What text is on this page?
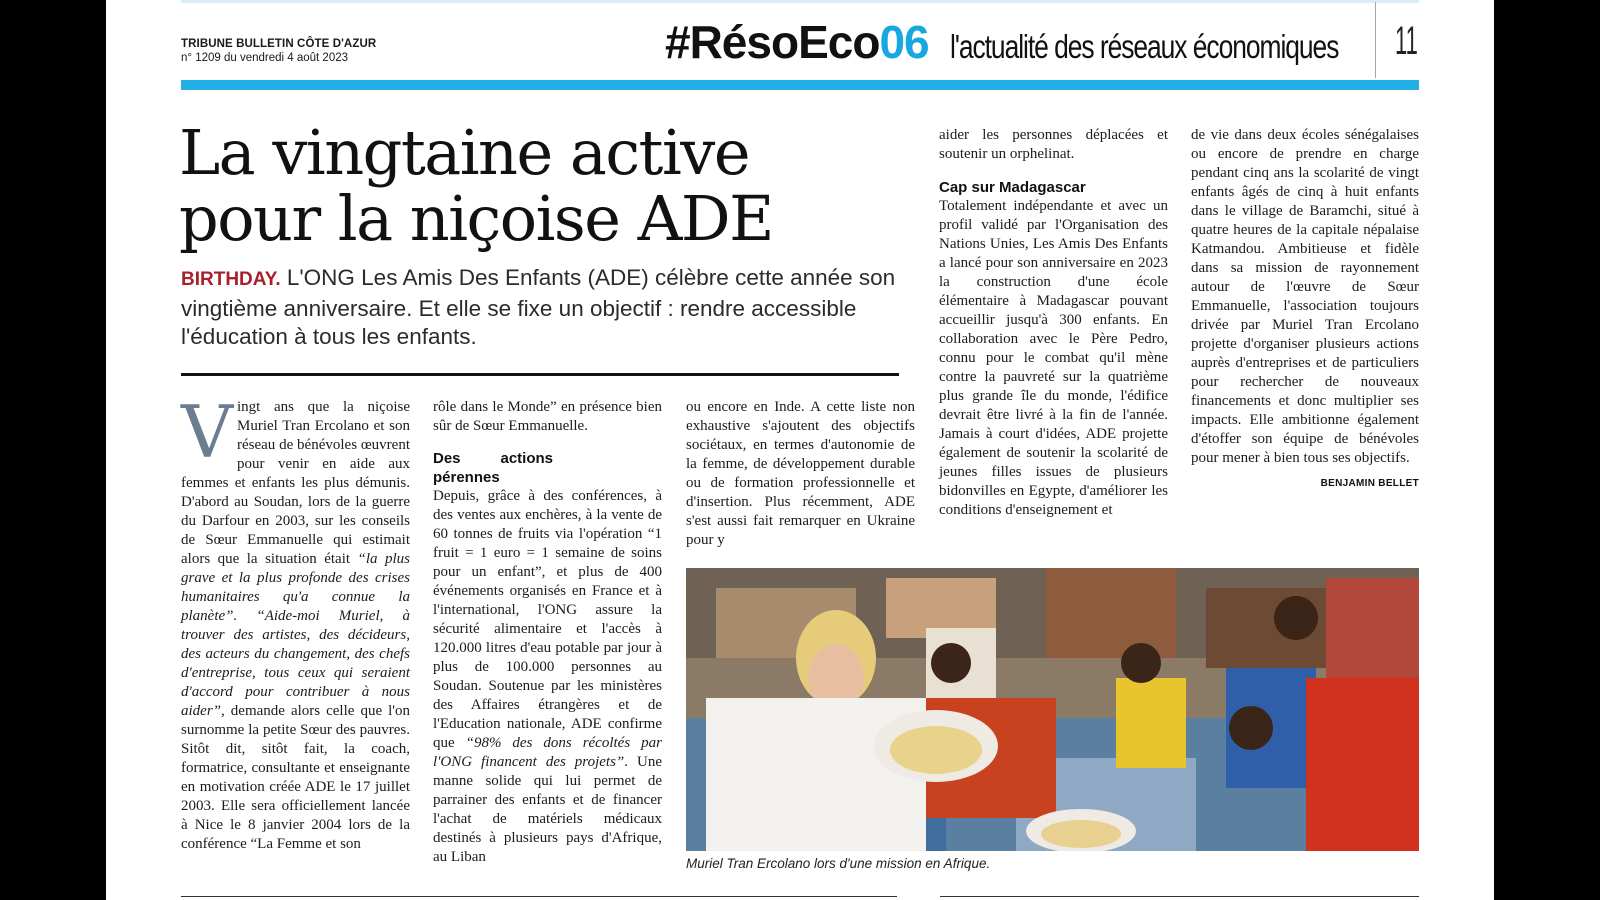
TRIBUNE BULLETIN CÔTE D'AZUR
n° 1209 du vendredi 4 août 2023	#RésoEco06 l'actualité des réseaux économiques 11
La vingtaine active
pour la niçoise ADE

BIRTHDAY. L'ONG Les Amis Des Enfants (ADE) célèbre cette année son vingtième anniversaire. Et elle se fixe un objectif : rendre accessible l'éducation à tous les enfants.

Vingt ans que la niçoise Muriel Tran Ercolano et son réseau de bénévoles œuvrent pour venir en aide aux femmes et enfants les plus démunis. D'abord au Soudan, lors de la guerre du Darfour en 2003, sur les conseils de Sœur Emmanuelle qui estimait alors que la situation était “la plus grave et la plus profonde des crises humanitaires qu'a connue la planète”. “Aide-moi Muriel, à trouver des artistes, des décideurs, des acteurs du changement, des chefs d'entreprise, tous ceux qui seraient d'accord pour contribuer à nous aider”, demande alors celle que l'on surnomme la petite Sœur des pauvres. Sitôt dit, sitôt fait, la coach, formatrice, consultante et enseignante en motivation créée ADE le 17 juillet 2003. Elle sera officiellement lancée à Nice le 8 janvier 2004 lors de la conférence “La Femme et son

rôle dans le Monde” en présence bien sûr de Sœur Emmanuelle.

Des actions pérennes

Depuis, grâce à des conférences, à des ventes aux enchères, à la vente de 60 tonnes de fruits via l'opération “1 fruit = 1 euro = 1 semaine de soins pour un enfant”, et plus de 400 événements organisés en France et à l'international, l'ONG assure la sécurité alimentaire et l'accès à 120.000 litres d'eau potable par jour à plus de 100.000 personnes au Soudan. Soutenue par les ministères des Affaires étrangères et de l'Education nationale, ADE confirme que “98% des dons récoltés par l'ONG financent des projets”. Une manne solide qui lui permet de parrainer des enfants et de financer l'achat de matériels médicaux destinés à plusieurs pays d'Afrique, au Liban

ou encore en Inde. A cette liste non exhaustive s'ajoutent des objectifs sociétaux, en termes d'autonomie de la femme, de développement durable ou de formation professionnelle et d'insertion. Plus récemment, ADE s'est aussi fait remarquer en Ukraine pour y

aider les personnes déplacées et soutenir un orphelinat.

Cap sur Madagascar

Totalement indépendante et avec un profil validé par l'Organisation des Nations Unies, Les Amis Des Enfants a lancé pour son anniversaire en 2023 la construction d'une école élémentaire à Madagascar pouvant accueillir jusqu'à 300 enfants. En collaboration avec le Père Pedro, connu pour le combat qu'il mène contre la pauvreté sur la quatrième plus grande île du monde, l'édifice devrait être livré à la fin de l'année. Jamais à court d'idées, ADE projette également de soutenir la scolarité de jeunes filles issues de plusieurs bidonvilles en Egypte, d'améliorer les conditions d'enseignement et

de vie dans deux écoles sénégalaises ou encore de prendre en charge pendant cinq ans la scolarité de vingt enfants âgés de cinq à huit enfants dans le village de Baramchi, situé à quatre heures de la capitale népalaise Katmandou. Ambitieuse et fidèle dans sa mission de rayonnement autour de l'œuvre de Sœur Emmanuelle, l'association toujours drivée par Muriel Tran Ercolano projette d'organiser plusieurs actions auprès d'entreprises et de particuliers pour rechercher de nouveaux financements et donc multiplier ses impacts. Elle ambitionne également d'étoffer son équipe de bénévoles pour mener à bien tous ses objectifs.

BENJAMIN BELLET
Muriel Tran Ercolano lors d'une mission en Afrique.
